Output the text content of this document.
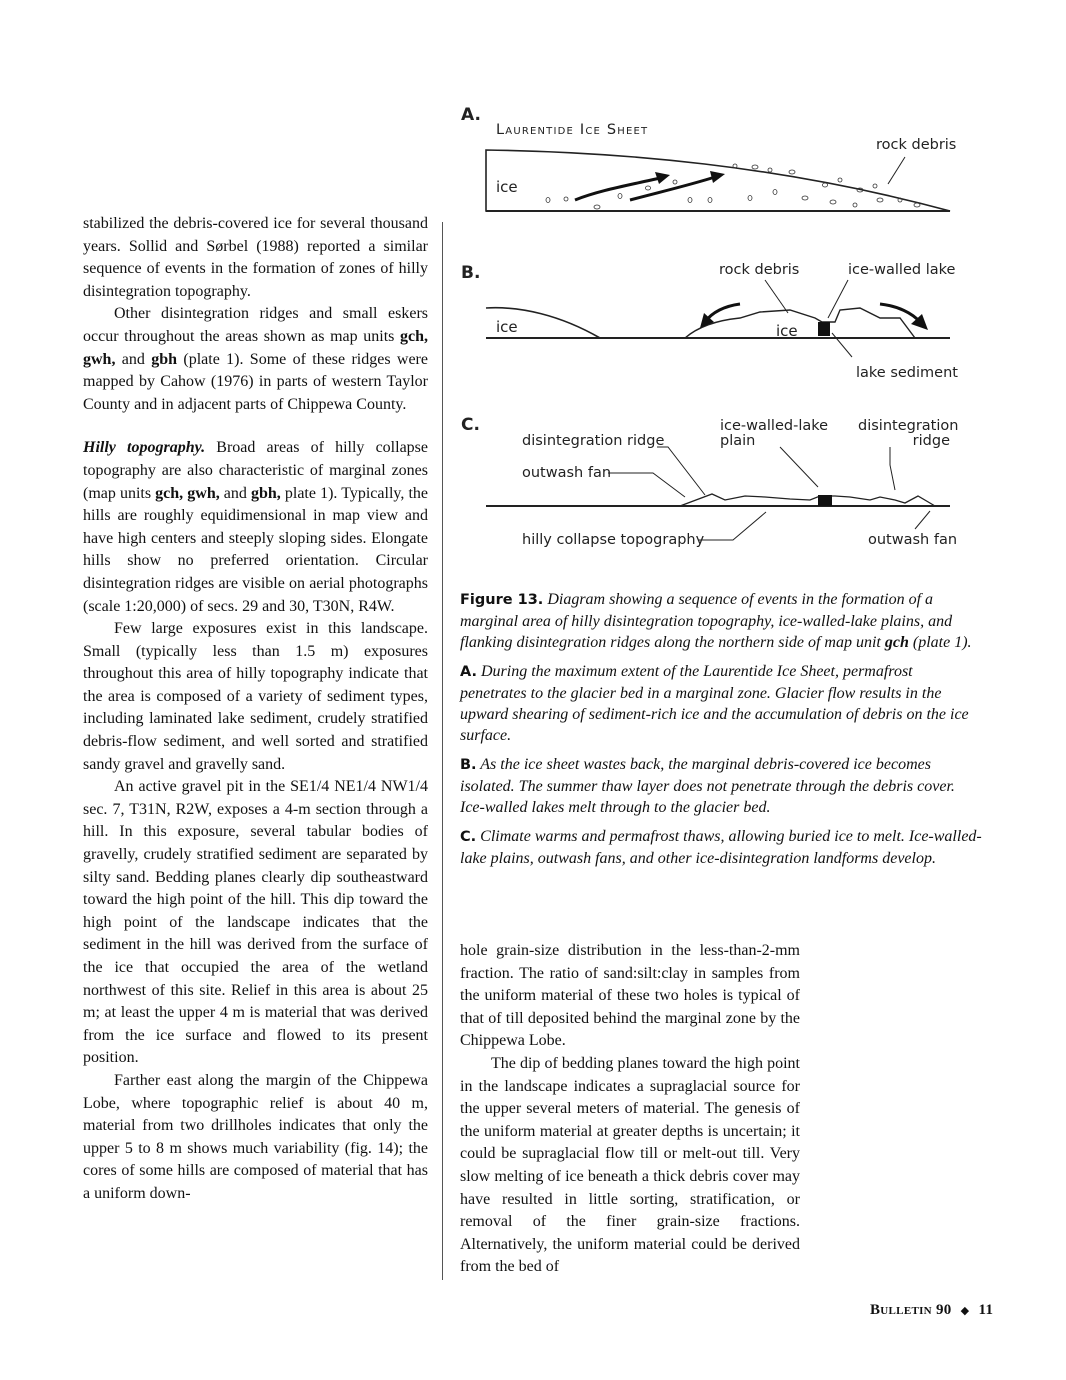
stabilized the debris-covered ice for several thousand years. Sollid and Sørbel (1988) reported a similar sequence of events in the formation of zones of hilly disintegration topography.

Other disintegration ridges and small eskers occur throughout the areas shown as map units gch, gwh, and gbh (plate 1). Some of these ridges were mapped by Cahow (1976) in parts of western Taylor County and in adjacent parts of Chippewa County.

Hilly topography. Broad areas of hilly collapse topography are also characteristic of marginal zones (map units gch, gwh, and gbh, plate 1). Typically, the hills are roughly equidimensional in map view and have high centers and steeply sloping sides. Elongate hills show no preferred orientation. Circular disintegration ridges are visible on aerial photographs (scale 1:20,000) of secs. 29 and 30, T30N, R4W.

Few large exposures exist in this landscape. Small (typically less than 1.5 m) exposures throughout this area of hilly topography indicate that the area is composed of a variety of sediment types, including laminated lake sediment, crudely stratified debris-flow sediment, and well sorted and stratified sandy gravel and gravelly sand.

An active gravel pit in the SE1/4 NE1/4 NW1/4 sec. 7, T31N, R2W, exposes a 4-m section through a hill. In this exposure, several tabular bodies of gravelly, crudely stratified sediment are separated by silty sand. Bedding planes clearly dip southeastward toward the high point of the hill. This dip toward the high point of the landscape indicates that the sediment in the hill was derived from the surface of the ice that occupied the area of the wetland northwest of this site. Relief in this area is about 25 m; at least the upper 4 m is material that was derived from the ice surface and flowed to its present position.

Farther east along the margin of the Chippewa Lobe, where topographic relief is about 40 m, material from two drillholes indicates that only the upper 5 to 8 m shows much variability (fig. 14); the cores of some hills are composed of material that has a uniform down-

A.
Laurentide Ice Sheet
rock debris
ice
B.	rock debris	ice-walled lake
ice	ice
lake sediment
C.
disintegration ridge
ice-walled-lake
plain
disintegration
ridge
outwash fan
hilly collapse topography	outwash fan

Figure 13. Diagram showing a sequence of events in the formation of a marginal area of hilly disintegration topography, ice-walled-lake plains, and flanking disintegration ridges along the northern side of map unit gch (plate 1).

A. During the maximum extent of the Laurentide Ice Sheet, permafrost penetrates to the glacier bed in a marginal zone. Glacier flow results in the upward shearing of sediment-rich ice and the accumulation of debris on the ice surface.

B. As the ice sheet wastes back, the marginal debris-covered ice becomes isolated. The summer thaw layer does not penetrate through the debris cover. Ice-walled lakes melt through to the glacier bed.

C. Climate warms and permafrost thaws, allowing buried ice to melt. Ice-walled-lake plains, outwash fans, and other ice-disintegration landforms develop.

hole grain-size distribution in the less-than-2-mm fraction. The ratio of sand:silt:clay in samples from the uniform material of these two holes is typical of that of till deposited behind the marginal zone by the Chippewa Lobe.

The dip of bedding planes toward the high point in the landscape indicates a supraglacial source for the upper several meters of material. The genesis of the uniform material at greater depths is uncertain; it could be supraglacial flow till or melt-out till. Very slow melting of ice beneath a thick debris cover may have resulted in little sorting, stratification, or removal of the finer grain-size fractions. Alternatively, the uniform material could be derived from the bed of

Bulletin 90 ◆ 11
